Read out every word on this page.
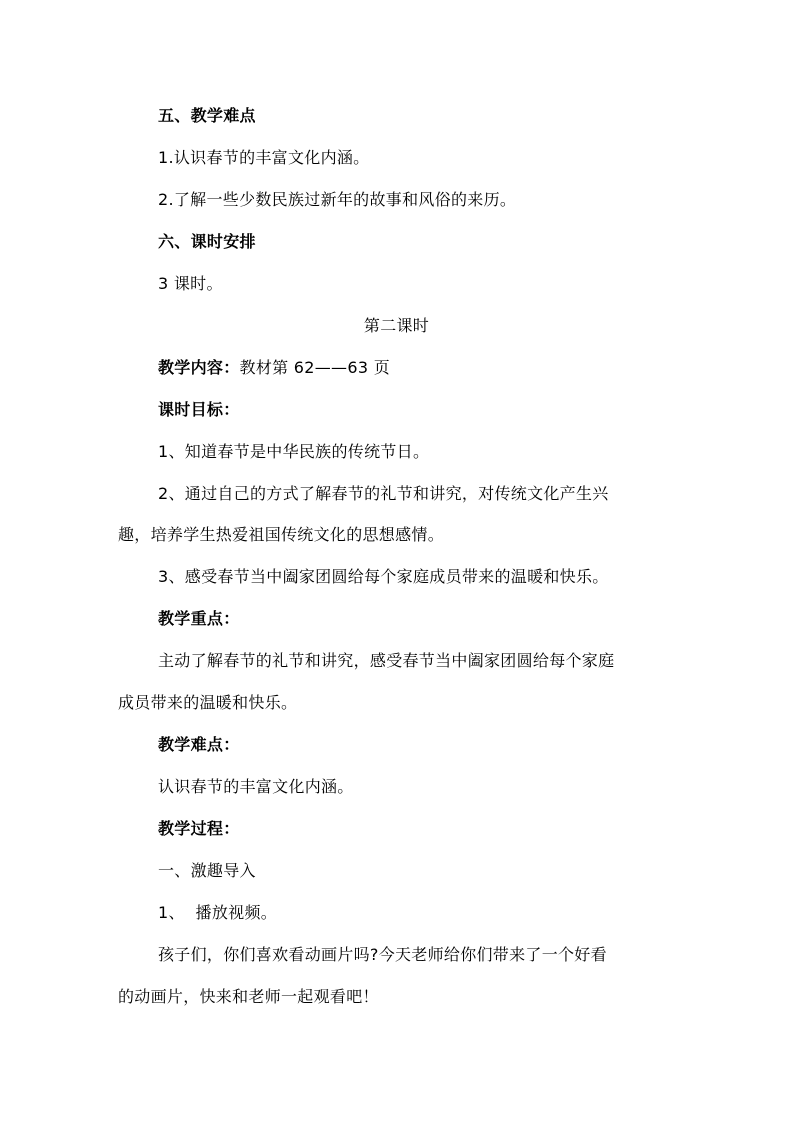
五、教学难点
1.认识春节的丰富文化内涵。
2.了解一些少数民族过新年的故事和风俗的来历。
六、课时安排
3 课时。
第二课时
教学内容：教材第 62——63 页
课时目标：
1、知道春节是中华民族的传统节日。
2、通过自己的方式了解春节的礼节和讲究，对传统文化产生兴
趣，培养学生热爱祖国传统文化的思想感情。
3、感受春节当中阖家团圆给每个家庭成员带来的温暖和快乐。
教学重点：
主动了解春节的礼节和讲究，感受春节当中阖家团圆给每个家庭
成员带来的温暖和快乐。
教学难点：
认识春节的丰富文化内涵。
教学过程：
一、激趣导入
1、  播放视频。
孩子们，你们喜欢看动画片吗?今天老师给你们带来了一个好看
的动画片，快来和老师一起观看吧！
